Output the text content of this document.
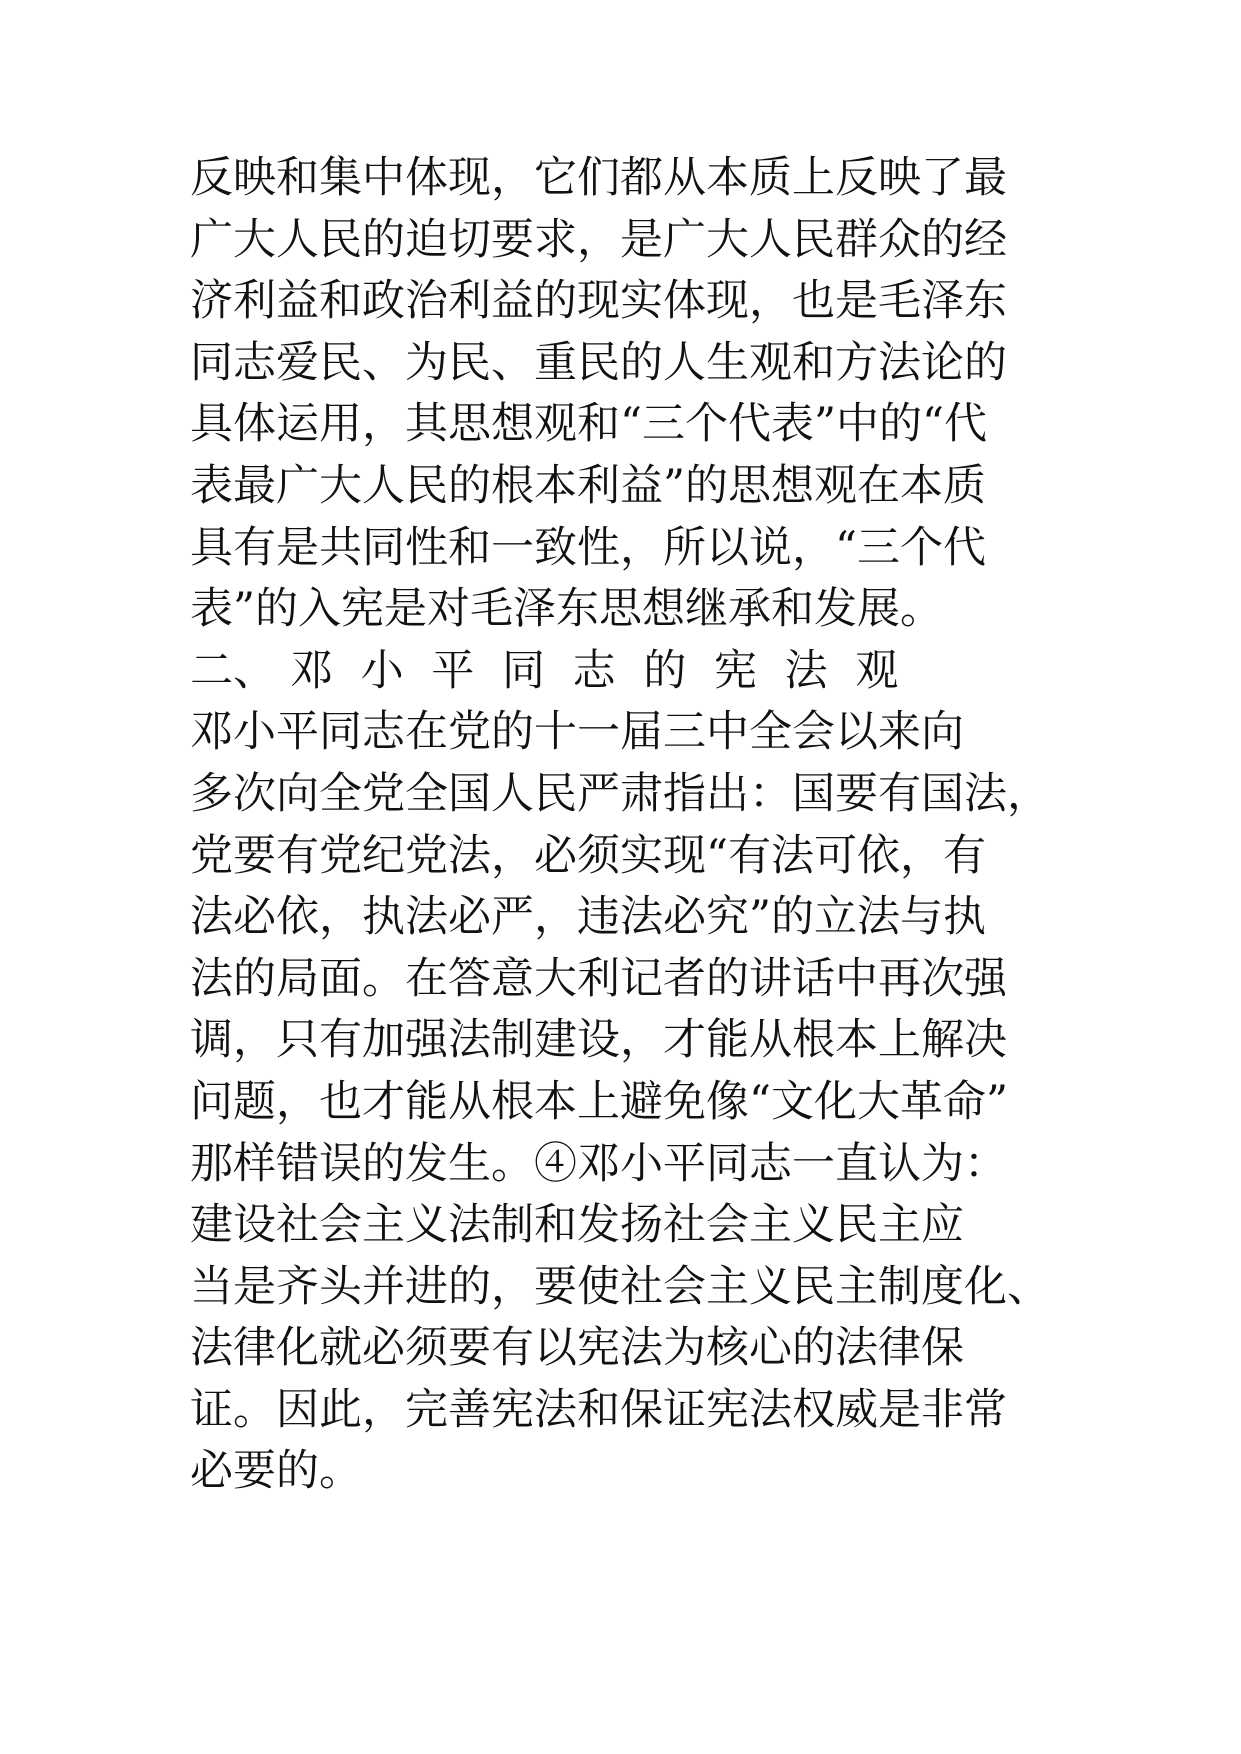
反映和集中体现，它们都从本质上反映了最
广大人民的迫切要求，是广大人民群众的经
济利益和政治利益的现实体现，也是毛泽东
同志爱民、为民、重民的人生观和方法论的
具体运用，其思想观和“三个代表”中的“代
表最广大人民的根本利益”的思想观在本质
具有是共同性和一致性，所以说，“三个代
表”的入宪是对毛泽东思想继承和发展。
二、 邓 小 平 同 志 的 宪 法 观
邓小平同志在党的十一届三中全会以来向
多次向全党全国人民严肃指出：国要有国法，
党要有党纪党法，必须实现“有法可依，有
法必依，执法必严，违法必究”的立法与执
法的局面。在答意大利记者的讲话中再次强
调，只有加强法制建设，才能从根本上解决
问题，也才能从根本上避免像“文化大革命”
那样错误的发生。④邓小平同志一直认为：
建设社会主义法制和发扬社会主义民主应
当是齐头并进的，要使社会主义民主制度化、
法律化就必须要有以宪法为核心的法律保
证。因此，完善宪法和保证宪法权威是非常
必要的。
